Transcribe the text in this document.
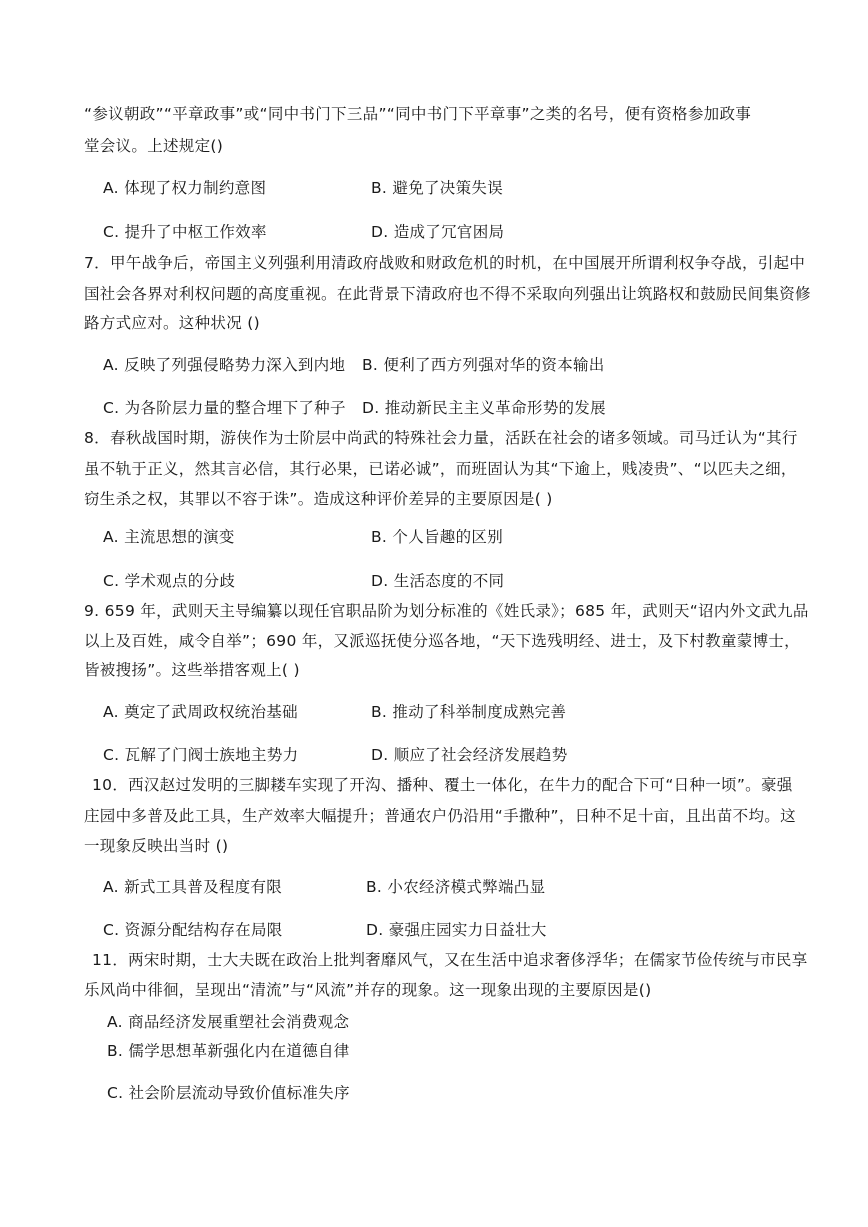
“参议朝政”“平章政事”或“同中书门下三品”“同中书门下平章事”之类的名号，便有资格参加政事
堂会议。上述规定()
A. 体现了权力制约意图	B. 避免了决策失误
C. 提升了中枢工作效率	D. 造成了冗官困局
7．甲午战争后，帝国主义列强利用清政府战败和财政危机的时机，在中国展开所谓利权争夺战，引起中
国社会各界对利权问题的高度重视。在此背景下清政府也不得不采取向列强出让筑路权和鼓励民间集资修
路方式应对。这种状况 ()
A. 反映了列强侵略势力深入到内地 B. 便利了西方列强对华的资本输出
C. 为各阶层力量的整合埋下了种子 D. 推动新民主主义革命形势的发展
8．春秋战国时期，游侠作为士阶层中尚武的特殊社会力量，活跃在社会的诸多领域。司马迁认为“其行
虽不轨于正义，然其言必信，其行必果，已诺必诚”，而班固认为其“下逾上，贱凌贵”、“以匹夫之细，
窃生杀之权，其罪以不容于诛”。造成这种评价差异的主要原因是( )
A. 主流思想的演变	B. 个人旨趣的区别
C. 学术观点的分歧	D. 生活态度的不同
9. 659 年，武则天主导编纂以现任官职品阶为划分标准的《姓氏录》；685 年，武则天“诏内外文武九品
以上及百姓，咸令自举”；690 年，又派巡抚使分巡各地，“天下选残明经、进士，及下村教童蒙博士，
皆被搜扬”。这些举措客观上( )
A. 奠定了武周政权统治基础	B. 推动了科举制度成熟完善
C. 瓦解了门阀士族地主势力	D. 顺应了社会经济发展趋势
10．西汉赵过发明的三脚耧车实现了开沟、播种、覆土一体化，在牛力的配合下可“日种一顷”。豪强
庄园中多普及此工具，生产效率大幅提升；普通农户仍沿用“手撒种”，日种不足十亩，且出苗不均。这
一现象反映出当时 ()
A. 新式工具普及程度有限	B. 小农经济模式弊端凸显
C. 资源分配结构存在局限	D. 豪强庄园实力日益壮大
11．两宋时期，士大夫既在政治上批判奢靡风气，又在生活中追求奢侈浮华；在儒家节俭传统与市民享
乐风尚中徘徊，呈现出“清流”与“风流”并存的现象。这一现象出现的主要原因是()
A. 商品经济发展重塑社会消费观念
B. 儒学思想革新强化内在道德自律
C. 社会阶层流动导致价值标准失序
